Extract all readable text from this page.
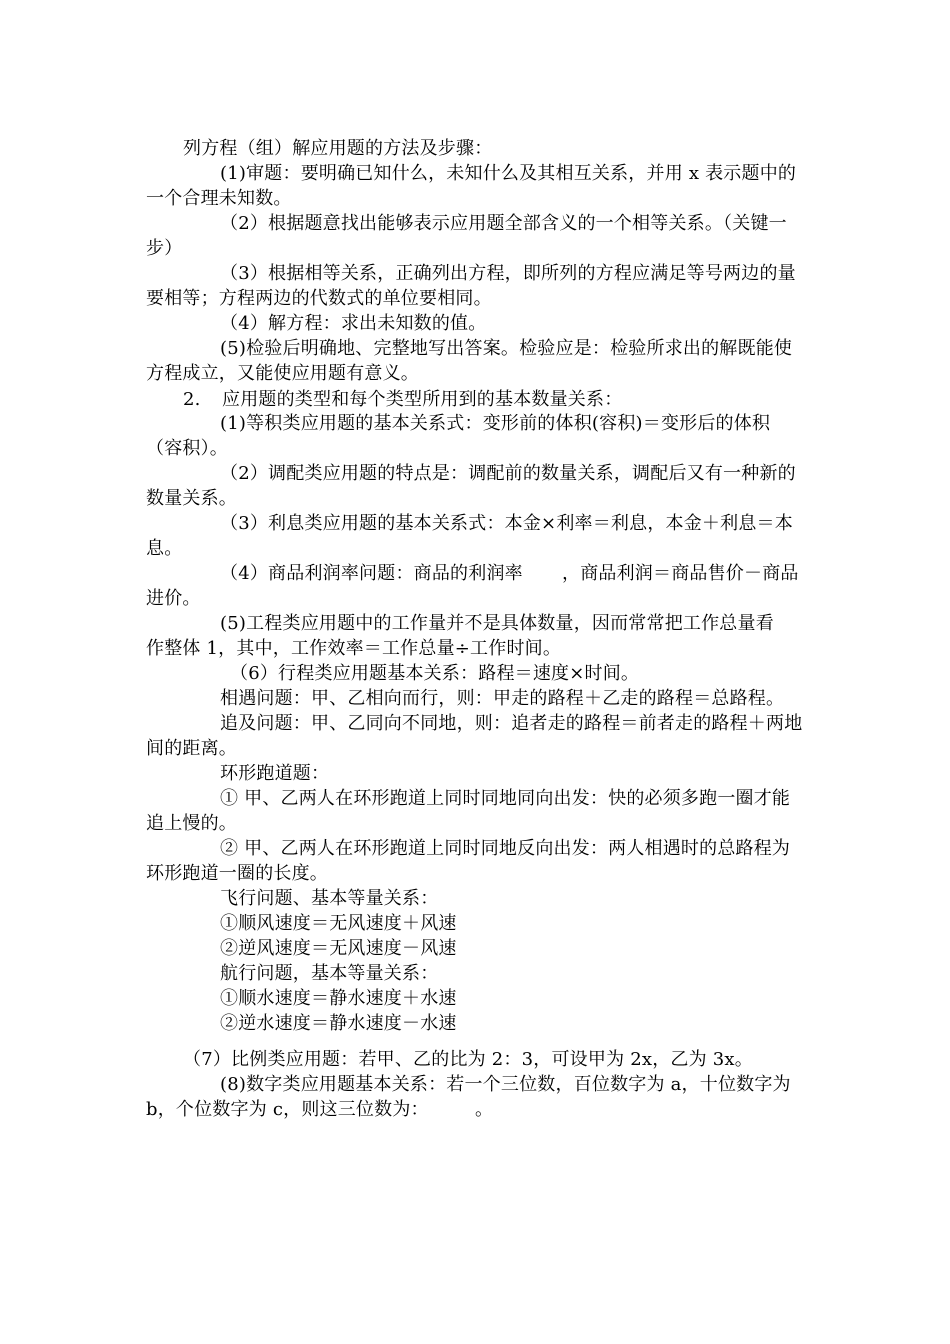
列方程（组）解应用题的方法及步骤：
(1)审题：要明确已知什么，未知什么及其相互关系，并用 x 表示题中的
一个合理未知数。
（2）根据题意找出能够表示应用题全部含义的一个相等关系。（关键一
步）
（3）根据相等关系，正确列出方程，即所列的方程应满足等号两边的量
要相等；方程两边的代数式的单位要相同。
（4）解方程：求出未知数的值。
(5)检验后明确地、完整地写出答案。检验应是：检验所求出的解既能使
方程成立，又能使应用题有意义。
2. 应用题的类型和每个类型所用到的基本数量关系：
(1)等积类应用题的基本关系式：变形前的体积(容积)＝变形后的体积
（容积）。
（2）调配类应用题的特点是：调配前的数量关系，调配后又有一种新的
数量关系。
（3）利息类应用题的基本关系式：本金×利率＝利息，本金＋利息＝本
息。
（4）商品利润率问题：商品的利润率 ，商品利润＝商品售价－商品
进价。
(5)工程类应用题中的工作量并不是具体数量，因而常常把工作总量看
作整体 1，其中，工作效率＝工作总量÷工作时间。
（6）行程类应用题基本关系：路程＝速度×时间。
相遇问题：甲、乙相向而行，则：甲走的路程＋乙走的路程＝总路程。
追及问题：甲、乙同向不同地，则：追者走的路程＝前者走的路程＋两地
间的距离。
环形跑道题：
① 甲、乙两人在环形跑道上同时同地同向出发：快的必须多跑一圈才能
追上慢的。
② 甲、乙两人在环形跑道上同时同地反向出发：两人相遇时的总路程为
环形跑道一圈的长度。
飞行问题、基本等量关系：
①顺风速度＝无风速度＋风速
②逆风速度＝无风速度－风速
航行问题，基本等量关系：
①顺水速度＝静水速度＋水速
②逆水速度＝静水速度－水速
（7）比例类应用题：若甲、乙的比为 2：3，可设甲为 2x，乙为 3x。
(8)数字类应用题基本关系：若一个三位数，百位数字为 a，十位数字为
b，个位数字为 c，则这三位数为：	。
